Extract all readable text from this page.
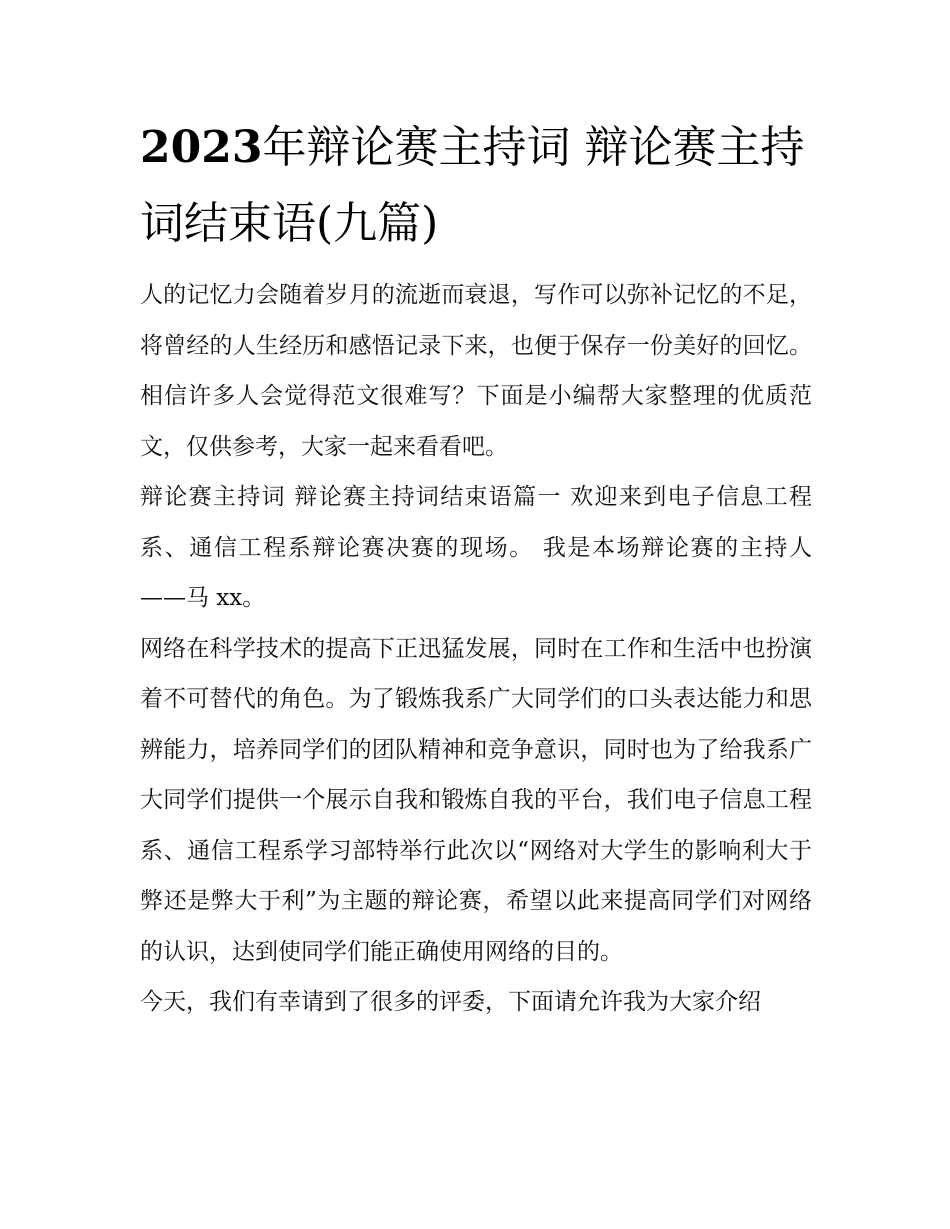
2023年辩论赛主持词 辩论赛主持词结束语(九篇)

人的记忆力会随着岁月的流逝而衰退，写作可以弥补记忆的不足，将曾经的人生经历和感悟记录下来，也便于保存一份美好的回忆。相信许多人会觉得范文很难写？下面是小编帮大家整理的优质范文，仅供参考，大家一起来看看吧。

辩论赛主持词 辩论赛主持词结束语篇一 欢迎来到电子信息工程系、通信工程系辩论赛决赛的现场。 我是本场辩论赛的主持人——马 xx。

网络在科学技术的提高下正迅猛发展，同时在工作和生活中也扮演着不可替代的角色。为了锻炼我系广大同学们的口头表达能力和思辨能力，培养同学们的团队精神和竞争意识，同时也为了给我系广大同学们提供一个展示自我和锻炼自我的平台，我们电子信息工程系、通信工程系学习部特举行此次以“网络对大学生的影响利大于弊还是弊大于利”为主题的辩论赛，希望以此来提高同学们对网络的认识，达到使同学们能正确使用网络的目的。

今天，我们有幸请到了很多的评委，下面请允许我为大家介绍
